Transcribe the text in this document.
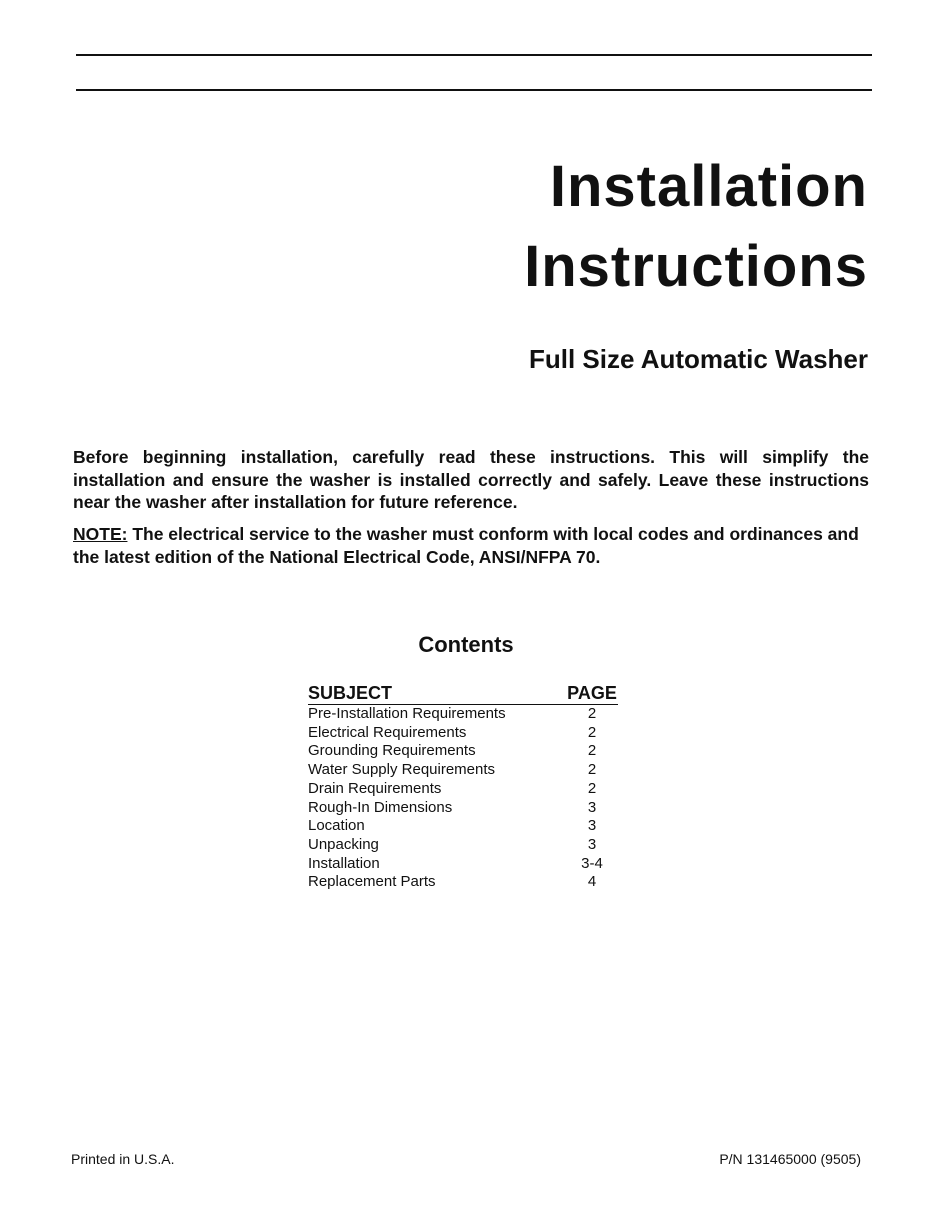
Installation
Instructions
Full Size Automatic Washer
Before beginning installation, carefully read these instructions. This will simplify the installation and ensure the washer is installed correctly and safely. Leave these instructions near the washer after installation for future reference.
NOTE: The electrical service to the washer must conform with local codes and ordinances and the latest edition of the National Electrical Code, ANSI/NFPA 70.
Contents
SUBJECT	PAGE
Pre-Installation Requirements	2
Electrical Requirements	2
Grounding Requirements	2
Water Supply Requirements	2
Drain Requirements	2
Rough-In Dimensions	3
Location	3
Unpacking	3
Installation	3-4
Replacement Parts	4
Printed in U.S.A.	P/N 131465000 (9505)
